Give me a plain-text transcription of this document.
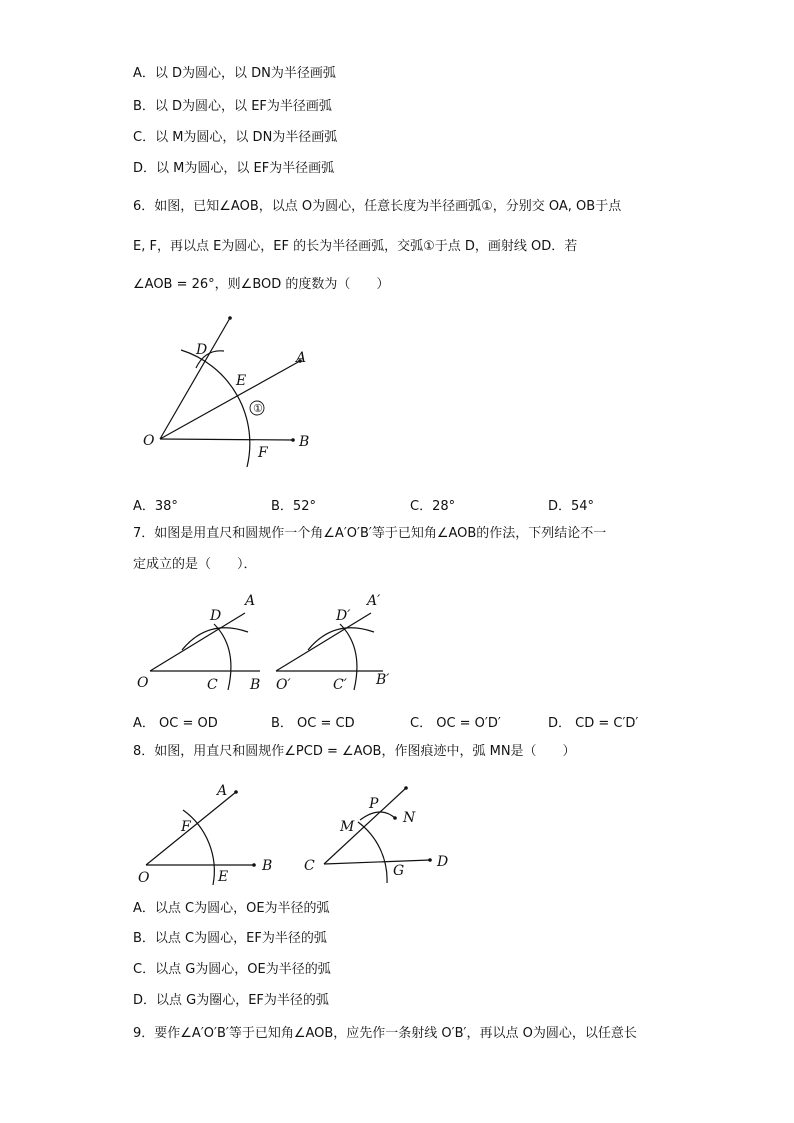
A．以 D为圆心，以 DN为半径画弧
B．以 D为圆心，以 EF为半径画弧
C．以 M为圆心，以 DN为半径画弧
D．以 M为圆心，以 EF为半径画弧
6．如图，已知∠AOB，以点 O为圆心，任意长度为半径画弧①，分别交 OA, OB于点
E, F，再以点 E为圆心，EF 的长为半径画弧，交弧①于点 D，画射线 OD．若
∠AOB = 26°，则∠BOD 的度数为（　　）
D	A
E
①
O	B
F
A．38°	B．52°	C．28°	D．54°
7．如图是用直尺和圆规作一个角∠A′O′B′等于已知角∠AOB的作法，下列结论不一
定成立的是（　　）．
A
D
O	C B
A′
D′
O′	C′ B′
A． OC = OD	B． OC = CD	C． OC = O′D′	D． CD = C′D′
8．如图，用直尺和圆规作∠PCD = ∠AOB，作图痕迹中，弧 MN是（　　）
A
F
O	E
B
P
N
M
C	G
D
A．以点 C为圆心，OE为半径的弧
B．以点 C为圆心，EF为半径的弧
C．以点 G为圆心，OE为半径的弧
D．以点 G为圈心，EF为半径的弧
9．要作∠A′O′B′等于已知角∠AOB，应先作一条射线 O′B′，再以点 O为圆心，以任意长
